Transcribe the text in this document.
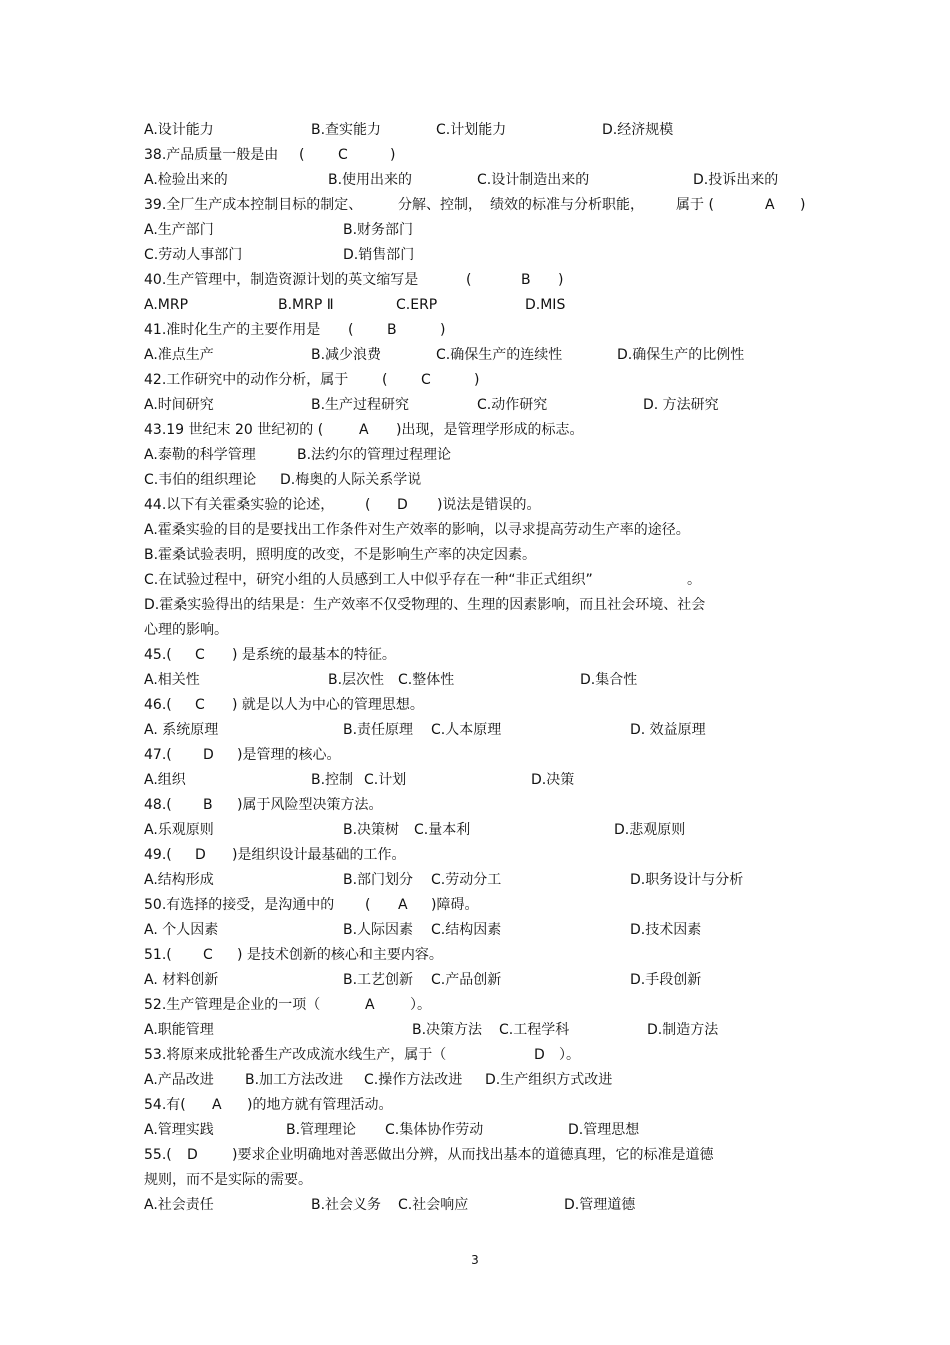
A.设计能力	B.查实能力	C.计划能力	D.经济规模
38.产品质量一般是由 ( C	)
A.检验出来的	B.使用出来的	C.设计制造出来的	D.投诉出来的
39.全厂生产成本控制目标的制定、	分解、控制， 绩效的标准与分析职能， 属于 (	A )
A.生产部门	B.财务部门
C.劳动人事部门	D.销售部门
40.生产管理中，制造资源计划的英文缩写是	(	B )
A.MRP	B.MRP Ⅱ	C.ERP	D.MIS
41.准时化生产的主要作用是 ( B	)
A.准点生产	B.减少浪费	C.确保生产的连续性	D.确保生产的比例性
42.工作研究中的动作分析，属于 ( C	)
A.时间研究	B.生产过程研究	C.动作研究	D. 方法研究
43.19 世纪末 20 世纪初的 (	A )出现，是管理学形成的标志。
A.泰勒的科学管理	B.法约尔的管理过程理论
C.韦伯的组织理论 D.梅奥的人际关系学说
44.以下有关霍桑实验的论述， ( D )说法是错误的。
A.霍桑实验的目的是要找出工作条件对生产效率的影响，以寻求提高劳动生产率的途径。
B.霍桑试验表明，照明度的改变，不是影响生产率的决定因素。
C.在试验过程中，研究小组的人员感到工人中似乎存在一种“非正式组织”	。
D.霍桑实验得出的结果是：生产效率不仅受物理的、生理的因素影响，而且社会环境、社会
心理的影响。
45.( C ) 是系统的最基本的特征。
A.相关性	B.层次性 C.整体性	D.集合性
46.( C ) 就是以人为中心的管理思想。
A. 系统原理	B.责任原理 C.人本原理	D. 效益原理
47.( D )是管理的核心。
A.组织	B.控制 C.计划	D.决策
48.( B )属于风险型决策方法。
A.乐观原则	B.决策树 C.量本利	D.悲观原则
49.( D )是组织设计最基础的工作。
A.结构形成	B.部门划分 C.劳动分工	D.职务设计与分析
50.有选择的接受，是沟通中的 ( A )障碍。
A. 个人因素	B.人际因素 C.结构因素	D.技术因素
51.( C ) 是技术创新的核心和主要内容。
A. 材料创新	B.工艺创新 C.产品创新	D.手段创新
52.生产管理是企业的一项（	A	）。
A.职能管理	B.决策方法 C.工程学科	D.制造方法
53.将原来成批轮番生产改成流水线生产，属于（	D ）。
A.产品改进 B.加工方法改进 C.操作方法改进 D.生产组织方式改进
54.有( A )的地方就有管理活动。
A.管理实践	B.管理理论 C.集体协作劳动	D.管理思想
55.( D )要求企业明确地对善恶做出分辨，从而找出基本的道德真理，它的标准是道德
规则，而不是实际的需要。
A.社会责任	B.社会义务 C.社会响应	D.管理道德
3
